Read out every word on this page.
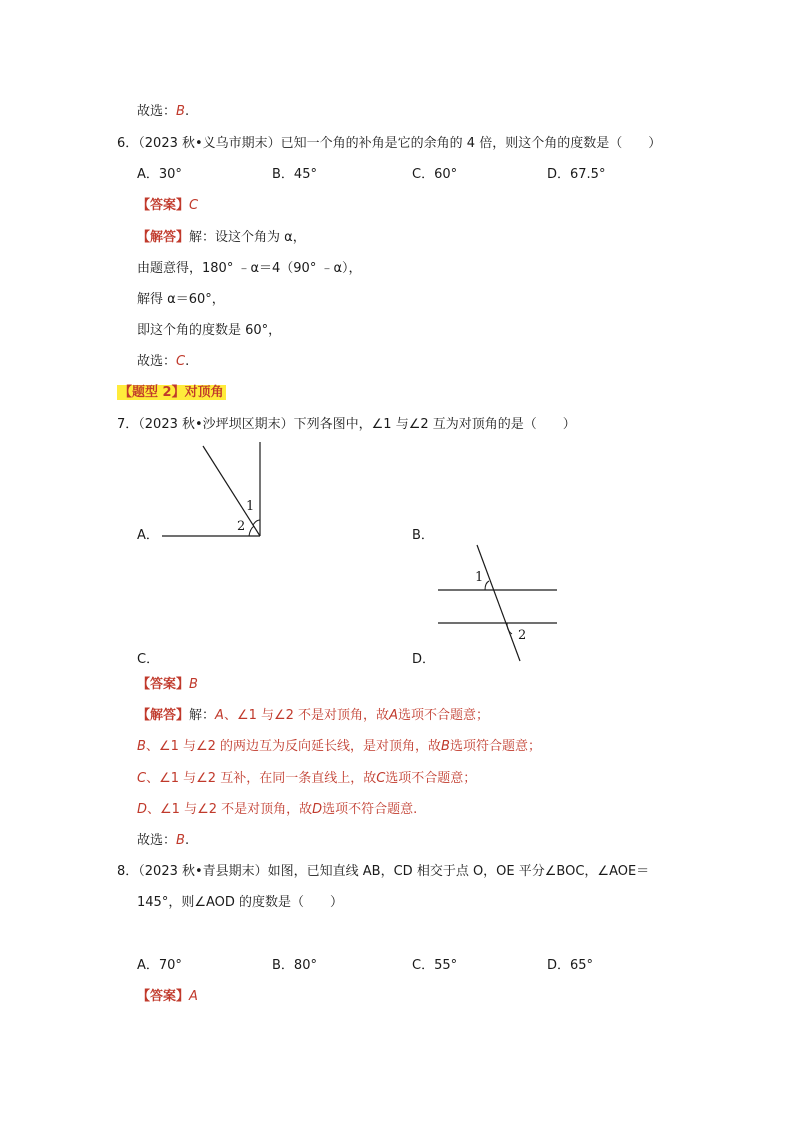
故选：B.
6．（2023 秋•义乌市期末）已知一个角的补角是它的余角的 4 倍，则这个角的度数是（　　）
A．30°	B．45°	C．60°	D．67.5°
【答案】C
【解答】解：设这个角为 α，
由题意得，180° ﹣α＝4（90° ﹣α），
解得 α＝60°，
即这个角的度数是 60°，
故选：C.
【题型 2】对顶角
7．（2023 秋•沙坪坝区期末）下列各图中，∠1 与∠2 互为对顶角的是（　　）
1
2
A．	B．
1
2
C．	D．
【答案】B
【解答】解：A、∠1 与∠2 不是对顶角，故A选项不合题意；
B、∠1 与∠2 的两边互为反向延长线，是对顶角，故B选项符合题意；
C、∠1 与∠2 互补，在同一条直线上，故C选项不合题意；
D、∠1 与∠2 不是对顶角，故D选项不符合题意.
故选：B.
8．（2023 秋•青县期末）如图，已知直线 AB，CD 相交于点 O，OE 平分∠BOC，∠AOE＝
145°，则∠AOD 的度数是（　　）
A．70°	B．80°	C．55°	D．65°
【答案】A
